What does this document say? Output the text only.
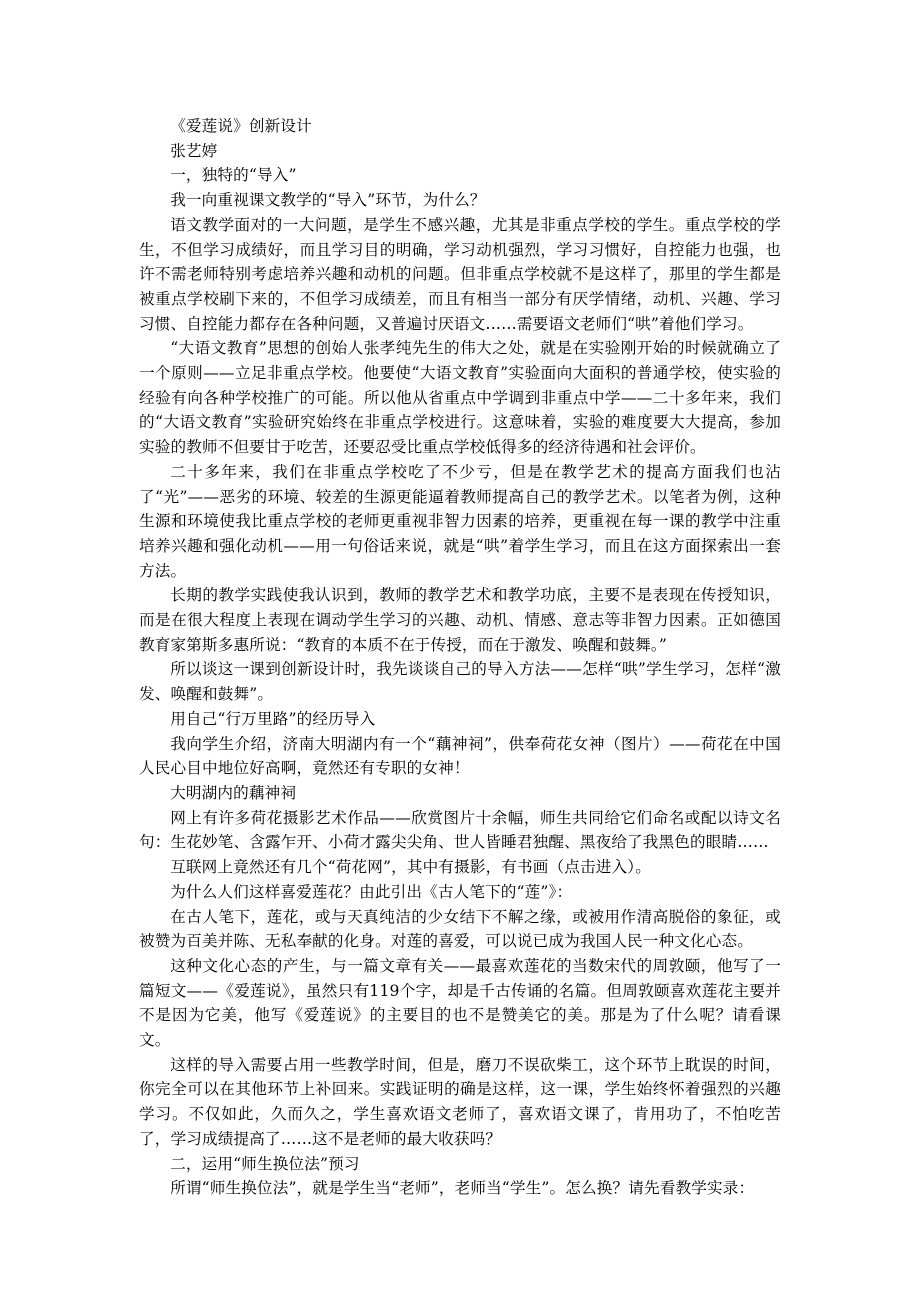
《爱莲说》创新设计

张艺婷

一，独特的“导入”

我一向重视课文教学的“导入”环节，为什么？

语文教学面对的一大问题，是学生不感兴趣，尤其是非重点学校的学生。重点学校的学生，不但学习成绩好，而且学习目的明确，学习动机强烈，学习习惯好，自控能力也强，也许不需老师特别考虑培养兴趣和动机的问题。但非重点学校就不是这样了，那里的学生都是被重点学校刷下来的，不但学习成绩差，而且有相当一部分有厌学情绪，动机、兴趣、学习习惯、自控能力都存在各种问题，又普遍讨厌语文……需要语文老师们“哄”着他们学习。

“大语文教育”思想的创始人张孝纯先生的伟大之处，就是在实验刚开始的时候就确立了一个原则——立足非重点学校。他要使“大语文教育”实验面向大面积的普通学校，使实验的经验有向各种学校推广的可能。所以他从省重点中学调到非重点中学——二十多年来，我们的“大语文教育”实验研究始终在非重点学校进行。这意味着，实验的难度要大大提高，参加实验的教师不但要甘于吃苦，还要忍受比重点学校低得多的经济待遇和社会评价。

二十多年来，我们在非重点学校吃了不少亏，但是在教学艺术的提高方面我们也沾了“光”——恶劣的环境、较差的生源更能逼着教师提高自己的教学艺术。以笔者为例，这种生源和环境使我比重点学校的老师更重视非智力因素的培养，更重视在每一课的教学中注重培养兴趣和强化动机——用一句俗话来说，就是“哄”着学生学习，而且在这方面探索出一套方法。

长期的教学实践使我认识到，教师的教学艺术和教学功底，主要不是表现在传授知识，而是在很大程度上表现在调动学生学习的兴趣、动机、情感、意志等非智力因素。正如德国教育家第斯多惠所说：“教育的本质不在于传授，而在于激发、唤醒和鼓舞。”

所以谈这一课到创新设计时，我先谈谈自己的导入方法——怎样“哄”学生学习，怎样“激发、唤醒和鼓舞”。

用自己“行万里路”的经历导入

我向学生介绍，济南大明湖内有一个“藕神祠”，供奉荷花女神（图片）——荷花在中国人民心目中地位好高啊，竟然还有专职的女神！

大明湖内的藕神祠

网上有许多荷花摄影艺术作品——欣赏图片十余幅，师生共同给它们命名或配以诗文名句：生花妙笔、含露乍开、小荷才露尖尖角、世人皆睡君独醒、黑夜给了我黑色的眼睛……

互联网上竟然还有几个“荷花网”，其中有摄影，有书画（点击进入）。

为什么人们这样喜爱莲花？由此引出《古人笔下的“莲”》：

在古人笔下，莲花，或与天真纯洁的少女结下不解之缘，或被用作清高脱俗的象征，或被赞为百美并陈、无私奉献的化身。对莲的喜爱，可以说已成为我国人民一种文化心态。

这种文化心态的产生，与一篇文章有关——最喜欢莲花的当数宋代的周敦颐，他写了一篇短文——《爱莲说》，虽然只有119个字，却是千古传诵的名篇。但周敦颐喜欢莲花主要并不是因为它美，他写《爱莲说》的主要目的也不是赞美它的美。那是为了什么呢？请看课文。

这样的导入需要占用一些教学时间，但是，磨刀不误砍柴工，这个环节上耽误的时间，你完全可以在其他环节上补回来。实践证明的确是这样，这一课，学生始终怀着强烈的兴趣学习。不仅如此，久而久之，学生喜欢语文老师了，喜欢语文课了，肯用功了，不怕吃苦了，学习成绩提高了……这不是老师的最大收获吗？

二，运用“师生换位法”预习

所谓“师生换位法”，就是学生当“老师”，老师当“学生”。怎么换？请先看教学实录：
